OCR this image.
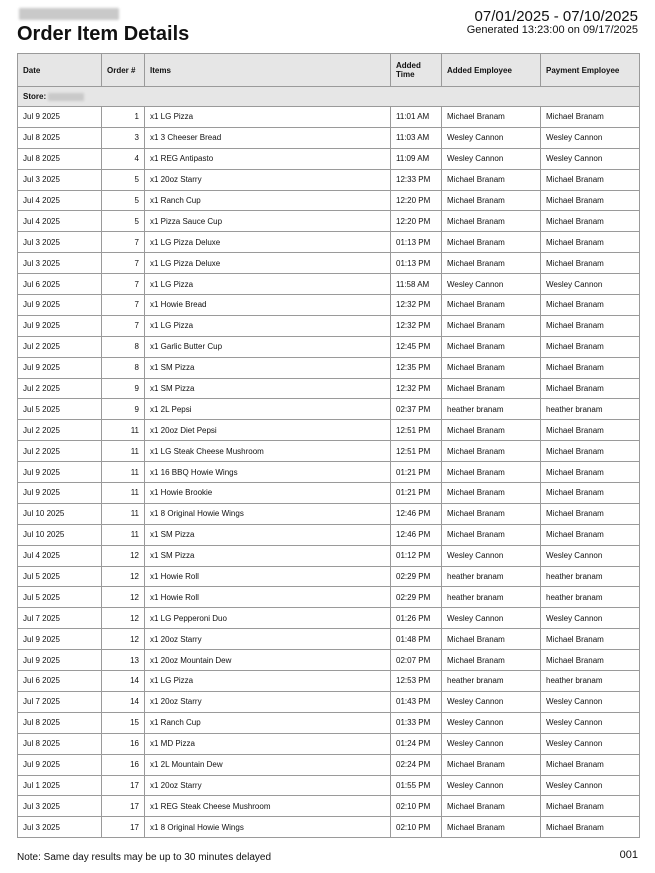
Order Item Details
07/01/2025 - 07/10/2025
Generated 13:23:00 on 09/17/2025
Date	Order #	Items	Added Time	Added Employee	Payment Employee
Store:					
Jul 9 2025	1	x1 LG Pizza	11:01 AM	Michael Branam	Michael Branam
Jul 8 2025	3	x1 3 Cheeser Bread	11:03 AM	Wesley Cannon	Wesley Cannon
Jul 8 2025	4	x1 REG Antipasto	11:09 AM	Wesley Cannon	Wesley Cannon
Jul 3 2025	5	x1 20oz Starry	12:33 PM	Michael Branam	Michael Branam
Jul 4 2025	5	x1 Ranch Cup	12:20 PM	Michael Branam	Michael Branam
Jul 4 2025	5	x1 Pizza Sauce Cup	12:20 PM	Michael Branam	Michael Branam
Jul 3 2025	7	x1 LG Pizza Deluxe	01:13 PM	Michael Branam	Michael Branam
Jul 3 2025	7	x1 LG Pizza Deluxe	01:13 PM	Michael Branam	Michael Branam
Jul 6 2025	7	x1 LG Pizza	11:58 AM	Wesley Cannon	Wesley Cannon
Jul 9 2025	7	x1 Howie Bread	12:32 PM	Michael Branam	Michael Branam
Jul 9 2025	7	x1 LG Pizza	12:32 PM	Michael Branam	Michael Branam
Jul 2 2025	8	x1 Garlic Butter Cup	12:45 PM	Michael Branam	Michael Branam
Jul 9 2025	8	x1 SM Pizza	12:35 PM	Michael Branam	Michael Branam
Jul 2 2025	9	x1 SM Pizza	12:32 PM	Michael Branam	Michael Branam
Jul 5 2025	9	x1 2L Pepsi	02:37 PM	heather branam	heather branam
Jul 2 2025	11	x1 20oz Diet Pepsi	12:51 PM	Michael Branam	Michael Branam
Jul 2 2025	11	x1 LG Steak Cheese Mushroom	12:51 PM	Michael Branam	Michael Branam
Jul 9 2025	11	x1 16 BBQ Howie Wings	01:21 PM	Michael Branam	Michael Branam
Jul 9 2025	11	x1 Howie Brookie	01:21 PM	Michael Branam	Michael Branam
Jul 10 2025	11	x1 8 Original Howie Wings	12:46 PM	Michael Branam	Michael Branam
Jul 10 2025	11	x1 SM Pizza	12:46 PM	Michael Branam	Michael Branam
Jul 4 2025	12	x1 SM Pizza	01:12 PM	Wesley Cannon	Wesley Cannon
Jul 5 2025	12	x1 Howie Roll	02:29 PM	heather branam	heather branam
Jul 5 2025	12	x1 Howie Roll	02:29 PM	heather branam	heather branam
Jul 7 2025	12	x1 LG Pepperoni Duo	01:26 PM	Wesley Cannon	Wesley Cannon
Jul 9 2025	12	x1 20oz Starry	01:48 PM	Michael Branam	Michael Branam
Jul 9 2025	13	x1 20oz Mountain Dew	02:07 PM	Michael Branam	Michael Branam
Jul 6 2025	14	x1 LG Pizza	12:53 PM	heather branam	heather branam
Jul 7 2025	14	x1 20oz Starry	01:43 PM	Wesley Cannon	Wesley Cannon
Jul 8 2025	15	x1 Ranch Cup	01:33 PM	Wesley Cannon	Wesley Cannon
Jul 8 2025	16	x1 MD Pizza	01:24 PM	Wesley Cannon	Wesley Cannon
Jul 9 2025	16	x1 2L Mountain Dew	02:24 PM	Michael Branam	Michael Branam
Jul 1 2025	17	x1 20oz Starry	01:55 PM	Wesley Cannon	Wesley Cannon
Jul 3 2025	17	x1 REG Steak Cheese Mushroom	02:10 PM	Michael Branam	Michael Branam
Jul 3 2025	17	x1 8 Original Howie Wings	02:10 PM	Michael Branam	Michael Branam
Note: Same day results may be up to 30 minutes delayed	001
